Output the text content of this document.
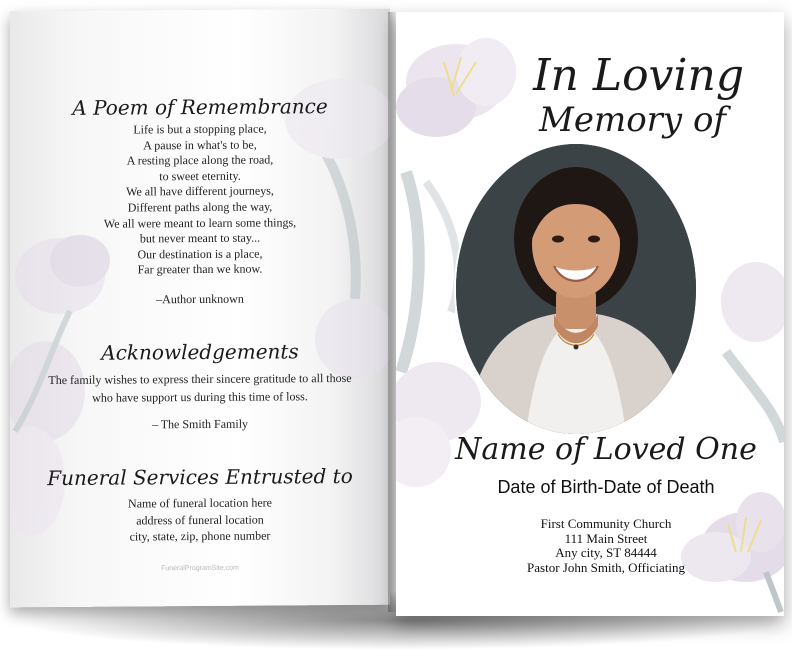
A Poem of Remembrance
Life is but a stopping place,
A pause in what's to be,
A resting place along the road,
to sweet eternity.
We all have different journeys,
Different paths along the way,
We all were meant to learn some things,
but never meant to stay...
Our destination is a place,
Far greater than we know.
–Author unknown
Acknowledgements
The family wishes to express their sincere gratitude to all those who have support us during this time of loss.
– The Smith Family
Funeral Services Entrusted to
Name of funeral location here
address of funeral location
city, state, zip, phone number
FuneralProgramSite.com
In Loving
Memory of
Name of Loved One
Date of Birth-Date of Death
First Community Church
111 Main Street
Any city, ST 84444
Pastor John Smith, Officiating
